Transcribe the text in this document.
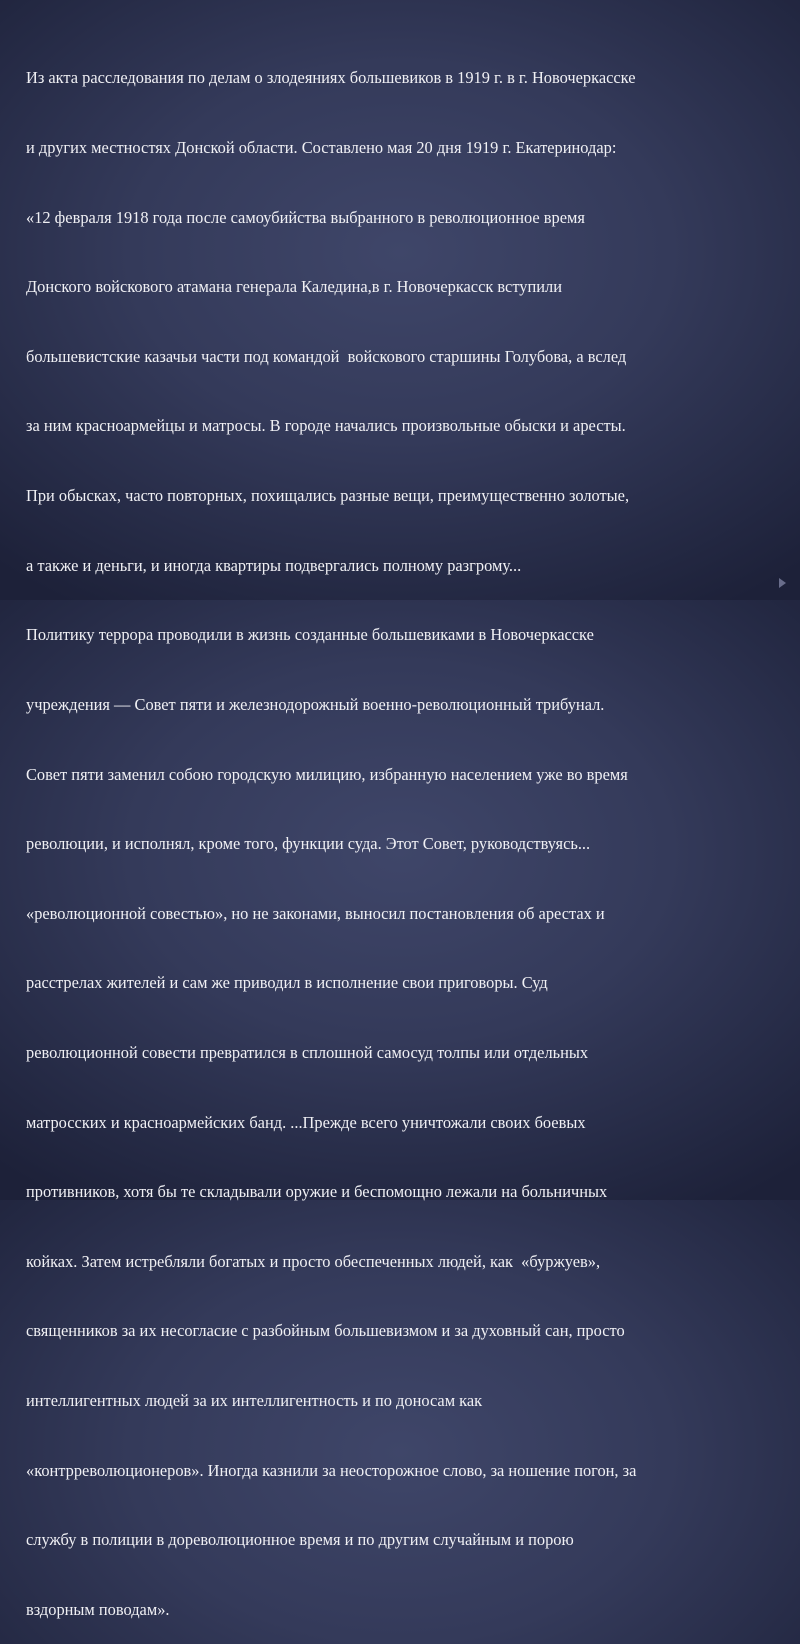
Из акта расследования по делам о злодеяниях большевиков в 1919 г. в г. Новочеркасске

и других местностях Донской области. Составлено мая 20 дня 1919 г. Екатеринодар:

«12 февраля 1918 года после самоубийства выбранного в революционное время

Донского войскового атамана генерала Каледина,в г. Новочеркасск вступили

большевистские казачьи части под командой  войскового старшины Голубова, а вслед

за ним красноармейцы и матросы. В городе начались произвольные обыски и аресты.

При обысках, часто повторных, похищались разные вещи, преимущественно золотые,

а также и деньги, и иногда квартиры подвергались полному разгрому...

Политику террора проводили в жизнь созданные большевиками в Новочеркасске

учреждения — Совет пяти и железнодорожный военно-революционный трибунал.

Совет пяти заменил собою городскую милицию, избранную населением уже во время

революции, и исполнял, кроме того, функции суда. Этот Совет, руководствуясь...

«революционной совестью», но не законами, выносил постановления об арестах и

расстрелах жителей и сам же приводил в исполнение свои приговоры. Суд

революционной совести превратился в сплошной самосуд толпы или отдельных

матросских и красноармейских банд. ...Прежде всего уничтожали своих боевых

противников, хотя бы те складывали оружие и беспомощно лежали на больничных

койках. Затем истребляли богатых и просто обеспеченных людей, как  «буржуев»,

священников за их несогласие с разбойным большевизмом и за духовный сан, просто

интеллигентных людей за их интеллигентность и по доносам как

«контрреволюционеров». Иногда казнили за неосторожное слово, за ношение погон, за

службу в полиции в дореволюционное время и по другим случайным и порою

вздорным поводам».
